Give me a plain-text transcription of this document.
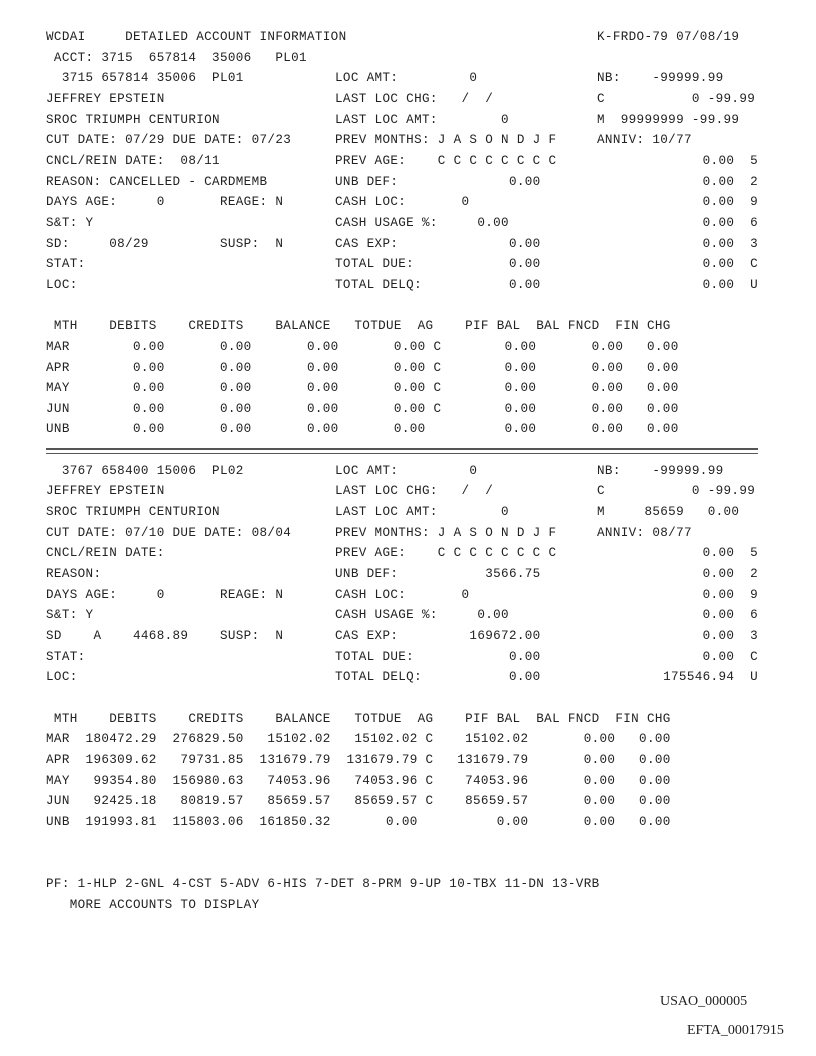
WCDAI     DETAILED ACCOUNT INFORMATION

	K-FRDO-79 07/08/19

ACCT: 3715  657814  35006   PL01
3715 657814 35006  PL01	LOC AMT:         0	NB:    -99999.99
JEFFREY EPSTEIN	LAST LOC CHG:   /  /	C           0 -99.99
SROC TRIUMPH CENTURION	LAST LOC AMT:        0	M  99999999 -99.99
CUT DATE: 07/29 DUE DATE: 07/23	PREV MONTHS: J A S O N D J F	ANNIV: 10/77
CNCL/REIN DATE:  08/11	PREV AGE:    C C C C C C C C	0.00  5
REASON: CANCELLED - CARDMEMB	UNB DEF:              0.00	0.00  2
DAYS AGE:     0       REAGE: N	CASH LOC:       0	0.00  9
S&T: Y	CASH USAGE %:     0.00	0.00  6
SD:     08/29         SUSP:  N	CAS EXP:              0.00	0.00  3
STAT:	TOTAL DUE:            0.00	0.00  C
LOC:	TOTAL DELQ:           0.00	0.00  U
MTH    DEBITS    CREDITS    BALANCE   TOTDUE  AG    PIF BAL  BAL FNCD  FIN CHG
MAR        0.00       0.00       0.00       0.00 C        0.00       0.00   0.00
APR        0.00       0.00       0.00       0.00 C        0.00       0.00   0.00
MAY        0.00       0.00       0.00       0.00 C        0.00       0.00   0.00
JUN        0.00       0.00       0.00       0.00 C        0.00       0.00   0.00
UNB        0.00       0.00       0.00       0.00          0.00       0.00   0.00
3767 658400 15006  PL02	LOC AMT:         0	NB:    -99999.99
JEFFREY EPSTEIN	LAST LOC CHG:   /  /	C           0 -99.99
SROC TRIUMPH CENTURION	LAST LOC AMT:        0	M     85659   0.00
CUT DATE: 07/10 DUE DATE: 08/04	PREV MONTHS: J A S O N D J F	ANNIV: 08/77
CNCL/REIN DATE:	PREV AGE:    C C C C C C C C	0.00  5
REASON:	UNB DEF:           3566.75	0.00  2
DAYS AGE:     0       REAGE: N	CASH LOC:       0	0.00  9
S&T: Y	CASH USAGE %:     0.00	0.00  6
SD    A    4468.89    SUSP:  N	CAS EXP:         169672.00	0.00  3
STAT:	TOTAL DUE:            0.00	0.00  C
LOC:	TOTAL DELQ:           0.00	175546.94  U
MTH    DEBITS    CREDITS    BALANCE   TOTDUE  AG    PIF BAL  BAL FNCD  FIN CHG
MAR  180472.29  276829.50   15102.02   15102.02 C    15102.02       0.00   0.00
APR  196309.62   79731.85  131679.79  131679.79 C   131679.79       0.00   0.00
MAY   99354.80  156980.63   74053.96   74053.96 C    74053.96       0.00   0.00
JUN   92425.18   80819.57   85659.57   85659.57 C    85659.57       0.00   0.00
UNB  191993.81  115803.06  161850.32       0.00          0.00       0.00   0.00
PF: 1-HLP 2-GNL 4-CST 5-ADV 6-HIS 7-DET 8-PRM 9-UP 10-TBX 11-DN 13-VRB
MORE ACCOUNTS TO DISPLAY
USAO_000005
EFTA_00017915
